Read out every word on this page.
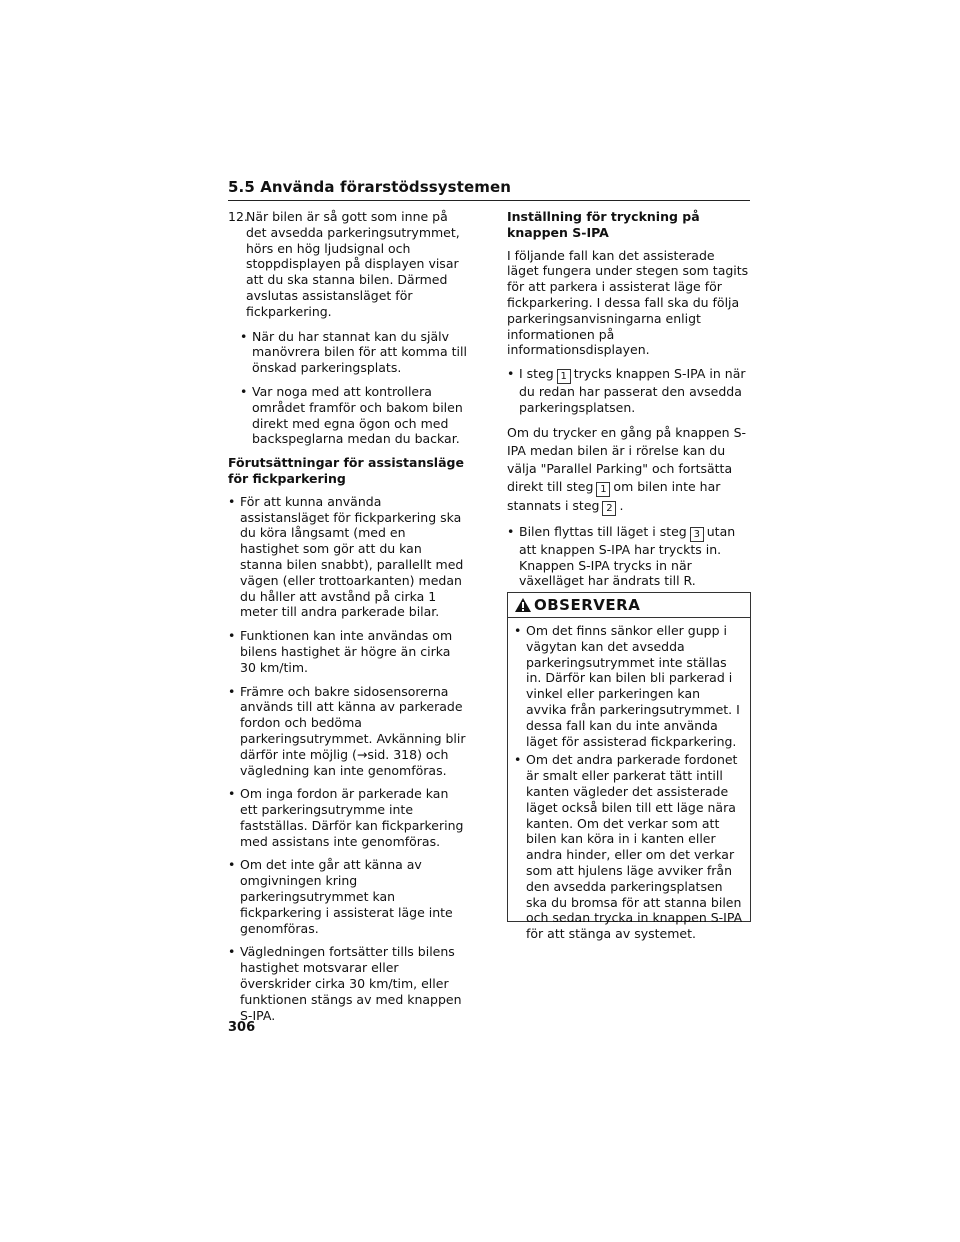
5.5 Använda förarstödssystemen
12.
När bilen är så gott som inne på det avsedda parkeringsutrymmet, hörs en hög ljudsignal och stoppdisplayen på displayen visar att du ska stanna bilen. Därmed avslutas assistansläget för fickparkering.
• När du har stannat kan du själv manövrera bilen för att komma till önskad parkeringsplats.
• Var noga med att kontrollera området framför och bakom bilen direkt med egna ögon och med backspeglarna medan du backar.
Förutsättningar för assistansläge för fickparkering
• För att kunna använda assistansläget för fickparkering ska du köra långsamt (med en hastighet som gör att du kan stanna bilen snabbt), parallellt med vägen (eller trottoarkanten) medan du håller att avstånd på cirka 1 meter till andra parkerade bilar.
• Funktionen kan inte användas om bilens hastighet är högre än cirka 30 km/tim.
• Främre och bakre sidosensorerna används till att känna av parkerade fordon och bedöma parkeringsutrymmet. Avkänning blir därför inte möjlig (→sid. 318) och vägledning kan inte genomföras.
• Om inga fordon är parkerade kan ett parkeringsutrymme inte fastställas. Därför kan fickparkering med assistans inte genomföras.
• Om det inte går att känna av omgivningen kring parkeringsutrymmet kan fickparkering i assisterat läge inte genomföras.
• Vägledningen fortsätter tills bilens hastighet motsvarar eller överskrider cirka 30 km/tim, eller funktionen stängs av med knappen S-IPA.
Inställning för tryckning på knappen S-IPA

I följande fall kan det assisterade läget fungera under stegen som tagits för att parkera i assisterat läge för fickparkering. I dessa fall ska du följa parkeringsanvisningarna enligt informationen på informationsdisplayen.

• I steg 1 trycks knappen S-IPA in när du redan har passerat den avsedda parkeringsplatsen.

Om du trycker en gång på knappen S-IPA medan bilen är i rörelse kan du välja "Parallel Parking" och fortsätta direkt till steg 1 om bilen inte har stannats i steg 2 .

• Bilen flyttas till läget i steg 3 utan att knappen S-IPA har tryckts in. Knappen S-IPA trycks in när växelläget har ändrats till R.
OBSERVERA
• Om det finns sänkor eller gupp i vägytan kan det avsedda parkeringsutrymmet inte ställas in. Därför kan bilen bli parkerad i vinkel eller parkeringen kan avvika från parkeringsutrymmet. I dessa fall kan du inte använda läget för assisterad fickparkering.
• Om det andra parkerade fordonet är smalt eller parkerat tätt intill kanten vägleder det assisterade läget också bilen till ett läge nära kanten. Om det verkar som att bilen kan köra in i kanten eller andra hinder, eller om det verkar som att hjulens läge avviker från den avsedda parkeringsplatsen ska du bromsa för att stanna bilen och sedan trycka in knappen S-IPA för att stänga av systemet.
306
